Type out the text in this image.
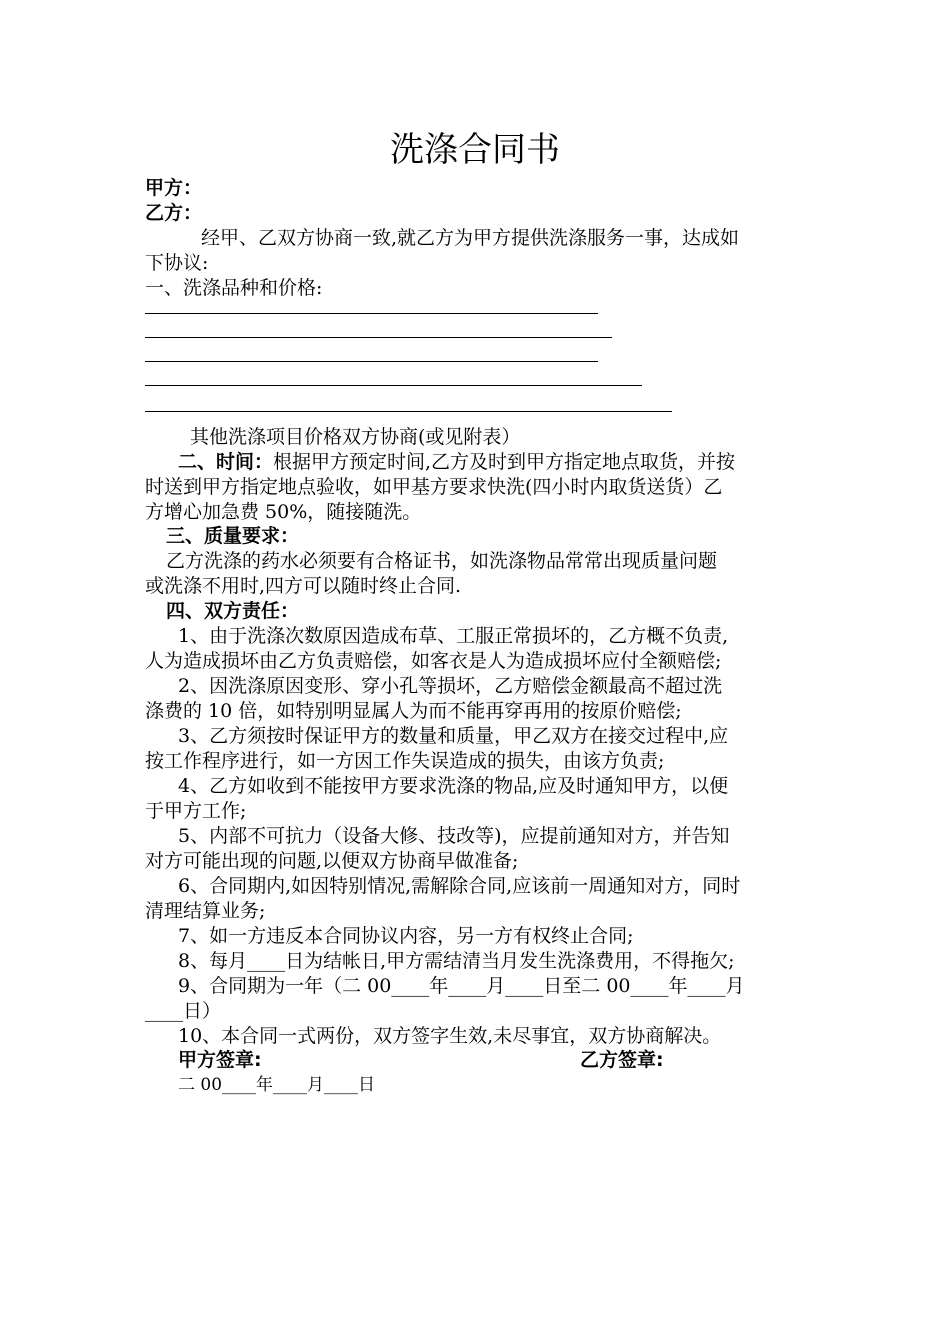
洗涤合同书
甲方：
乙方：
经甲、乙双方协商一致,就乙方为甲方提供洗涤服务一事，达成如
下协议:
一、洗涤品种和价格:
其他洗涤项目价格双方协商(或见附表）
二、时间：根据甲方预定时间,乙方及时到甲方指定地点取货，并按
时送到甲方指定地点验收，如甲基方要求快洗(四小时内取货送货）乙
方增心加急费 50%，随接随洗。
三、质量要求：
乙方洗涤的药水必须要有合格证书，如洗涤物品常常出现质量问题
或洗涤不用时,四方可以随时终止合同.
四、双方责任：
1、由于洗涤次数原因造成布草、工服正常损坏的，乙方概不负责,
人为造成损坏由乙方负责赔偿，如客衣是人为造成损坏应付全额赔偿;
2、因洗涤原因变形、穿小孔等损坏，乙方赔偿金额最高不超过洗
涤费的 10 倍，如特别明显属人为而不能再穿再用的按原价赔偿;
3、乙方须按时保证甲方的数量和质量，甲乙双方在接交过程中,应
按工作程序进行，如一方因工作失误造成的损失，由该方负责;
4、乙方如收到不能按甲方要求洗涤的物品,应及时通知甲方，以便
于甲方工作;
5、内部不可抗力（设备大修、技改等)，应提前通知对方，并告知
对方可能出现的问题,以便双方协商早做准备;
6、合同期内,如因特别情况,需解除合同,应该前一周通知对方，同时
清理结算业务;
7、如一方违反本合同协议内容，另一方有权终止合同;
8、每月____日为结帐日,甲方需结清当月发生洗涤费用，不得拖欠;
9、合同期为一年（二 00____年____月____日至二 00____年____月
____日）
10、本合同一式两份，双方签字生效,未尽事宜，双方协商解决。
甲方签章:	乙方签章:
二 00____年____月____日
